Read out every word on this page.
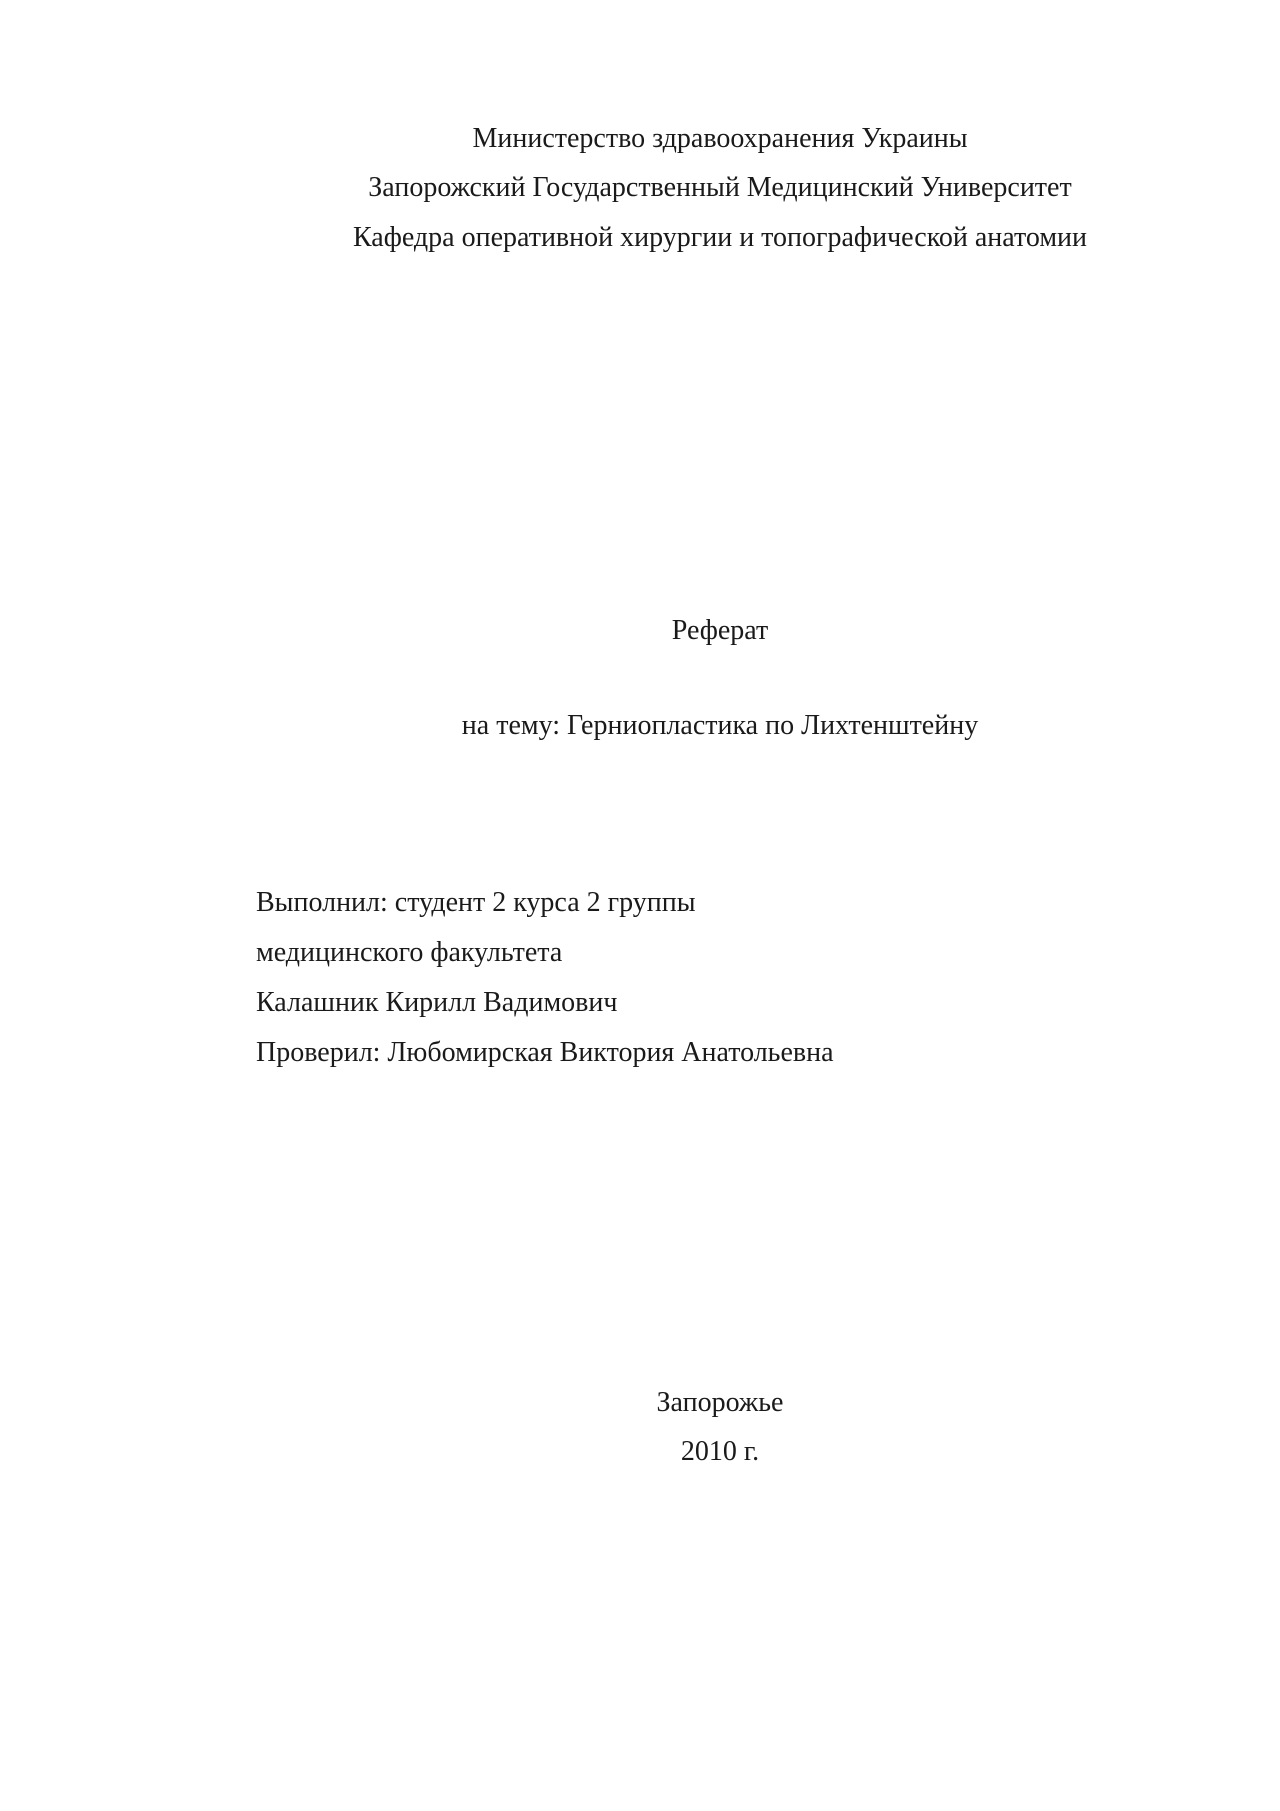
Министерство здравоохранения Украины
Запорожский Государственный Медицинский Университет
Кафедра оперативной хирургии и топографической анатомии
Реферат
на тему: Герниопластика по Лихтенштейну
Выполнил: студент 2 курса 2 группы
медицинского факультета
Калашник Кирилл Вадимович
Проверил: Любомирская Виктория Анатольевна
Запорожье
2010 г.
